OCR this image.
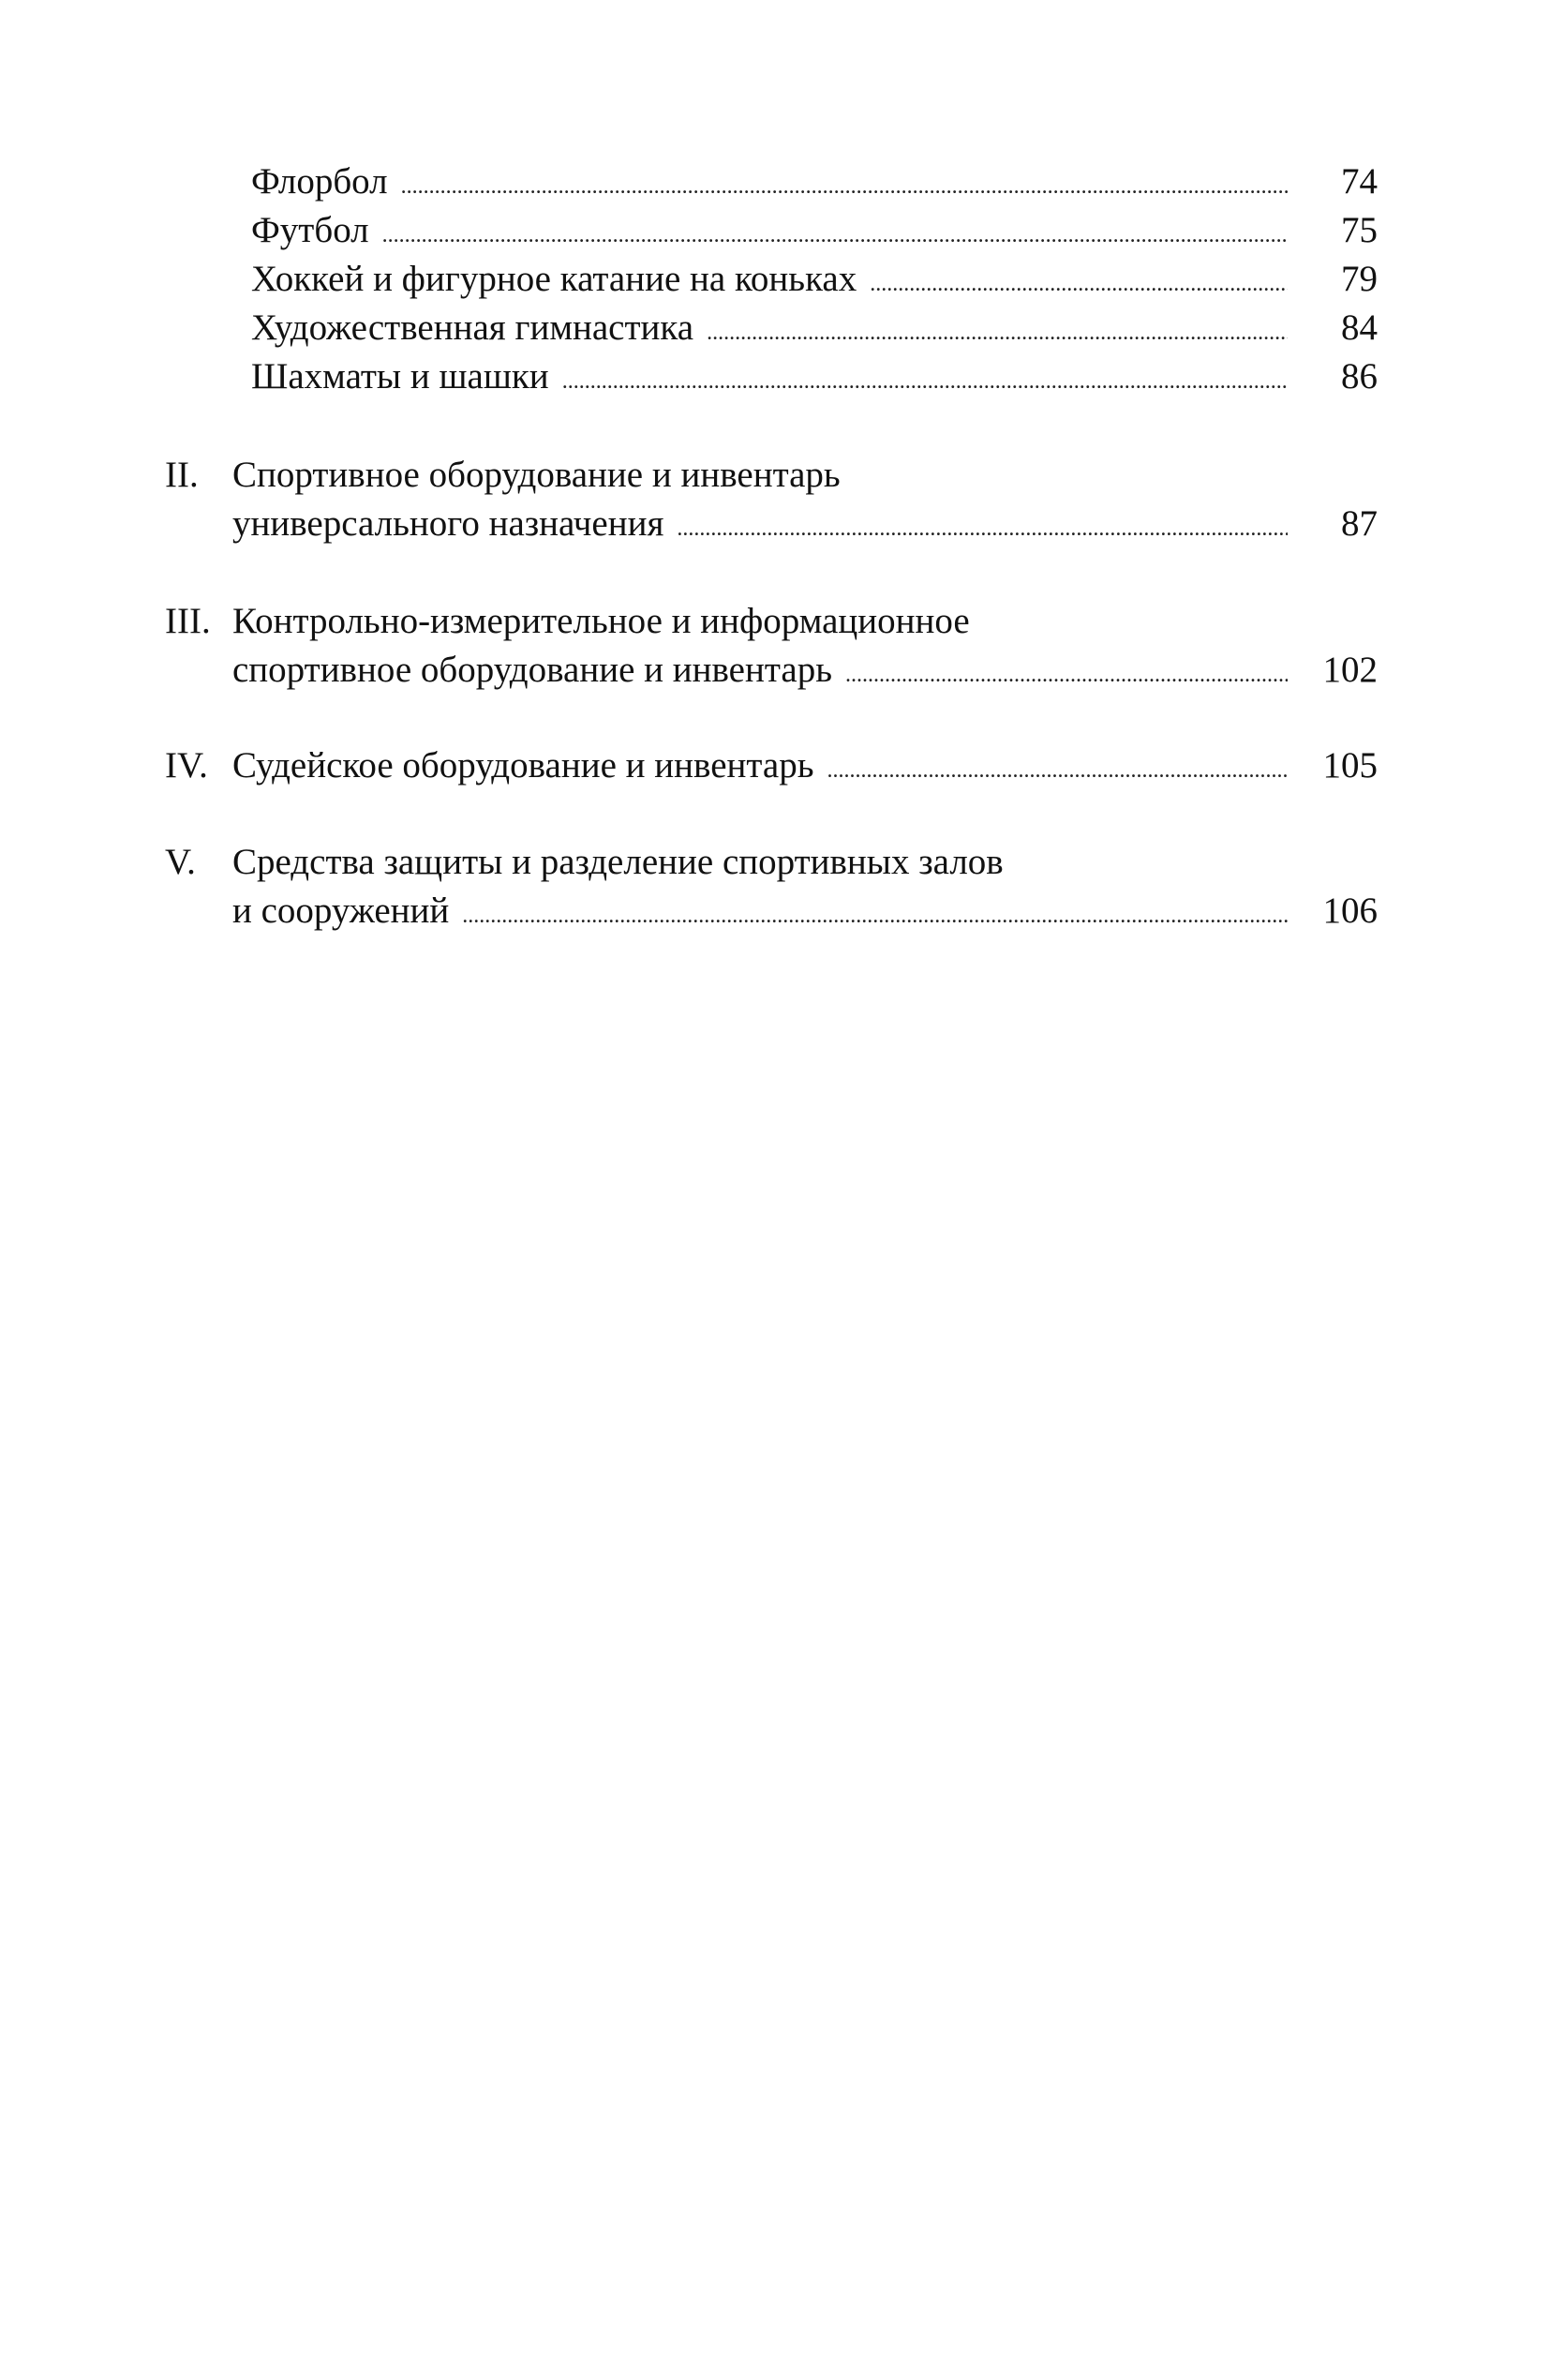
Флорбол . . .	74
Футбол . . .	75
Хоккей и фигурное катание на коньках . . .	79
Художественная гимнастика . . .	84
Шахматы и шашки . . .	86
II. Спортивное оборудование и инвентарь
универсального назначения . . .	87
III. Контрольно-измерительное и информационное
спортивное оборудование и инвентарь . . .	102
IV. Судейское оборудование и инвентарь . . .	105
V. Средства защиты и разделение спортивных залов
и сооружений . . .	106
